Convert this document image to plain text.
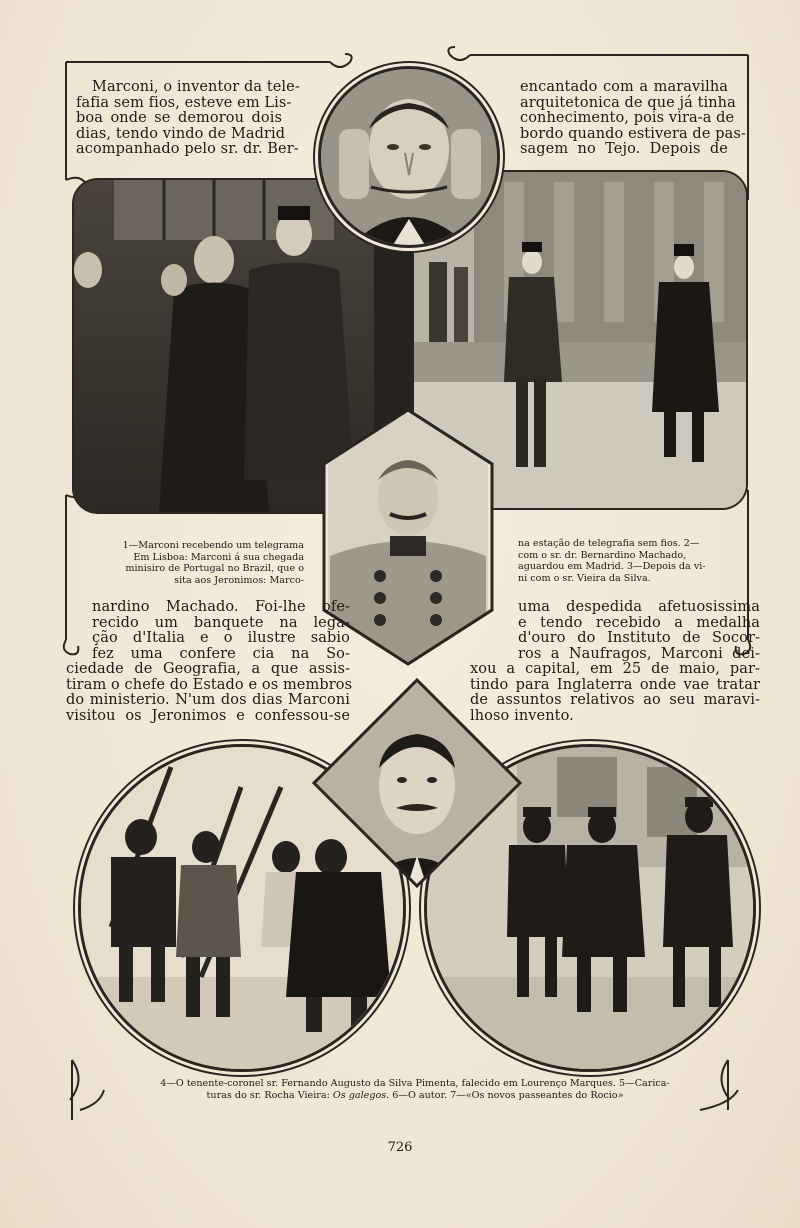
Marconi, o inventor da tele-
fafia sem fios, esteve em Lis-
boa onde se demorou dois
dias, tendo vindo de Madrid
acompanhado pelo sr. dr. Ber-
encantado com a maravilha
arquitetonica de que já tinha
conhecimento, pois vira-a de
bordo quando estivera de pas-
sagem no Tejo. Depois de
1—Marconi recebendo um telegrama
Em Lisboa: Marconi á sua chegada
minisiro de Portugal no Brazil, que o
sita aos Jeronimos: Marco-
na estação de telegrafia sem fios. 2—
com o sr. dr. Bernardino Machado,
aguardou em Madrid. 3—Depois da vi-
ni com o sr. Vieira da Silva.
nardino Machado. Foi-lhe ofe-
recido um banquete na lega-
ção d'Italia e o ilustre sabio
fez uma confere cia na So-
ciedade de Geografia, a que assis-
tiram o chefe do Estado e os membros
do ministerio. N'um dos dias Marconi
visitou os Jeronimos e confessou-se
uma despedida afetuosissima
e tendo recebido a medalha
d'ouro do Instituto de Socor-
ros a Naufragos, Marconi dei-
xou a capital, em 25 de maio, par-
tindo para Inglaterra onde vae tratar
de assuntos relativos ao seu maravi-
lhoso invento.
4—O tenente-coronel sr. Fernando Augusto da Silva Pimenta, falecido em Lourenço Marques. 5—Carica-
turas do sr. Rocha Vieira: Os galegos. 6—O autor. 7—«Os novos passeantes do Rocio»
726
